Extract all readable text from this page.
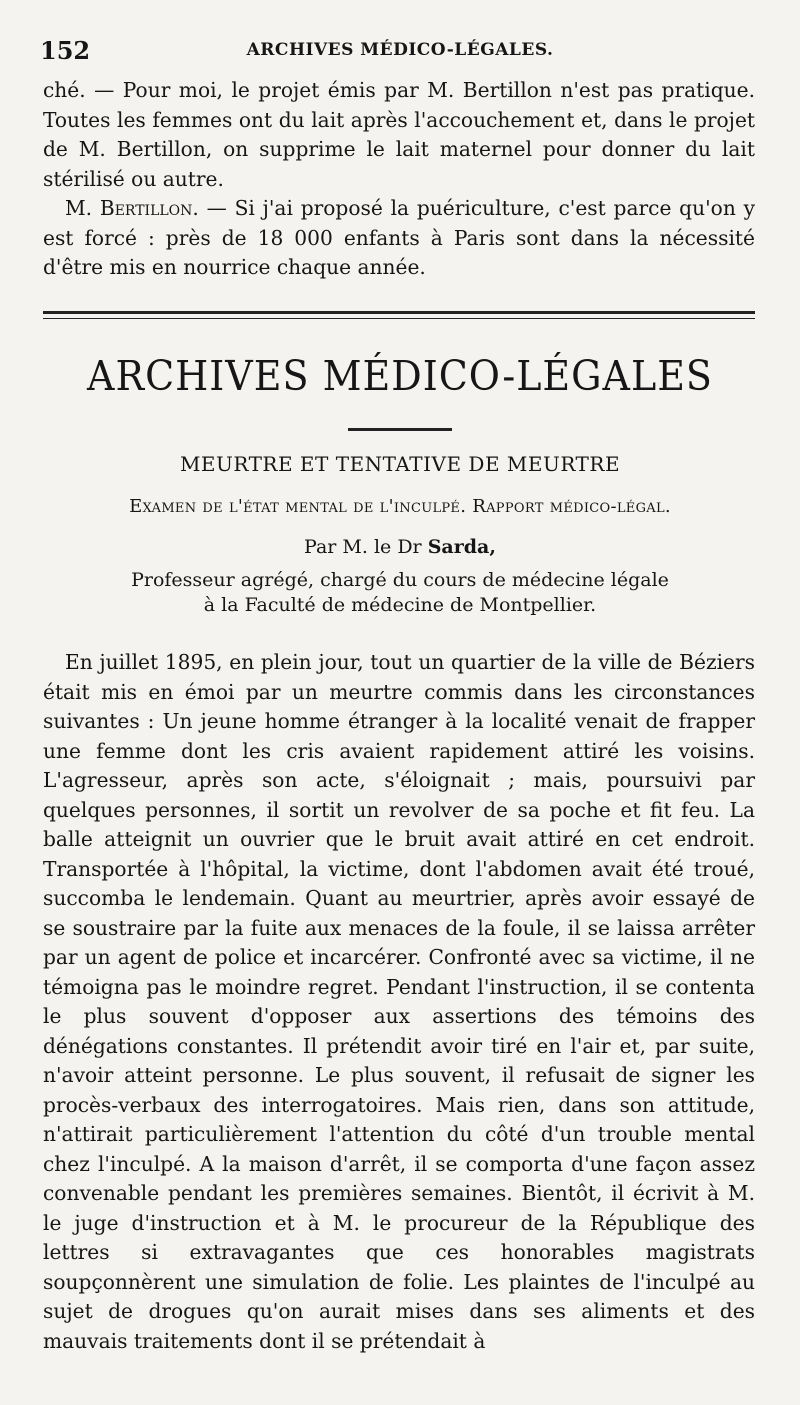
152	ARCHIVES MÉDICO-LÉGALES.

ché. — Pour moi, le projet émis par M. Bertillon n'est pas pratique. Toutes les femmes ont du lait après l'accouchement et, dans le projet de M. Bertillon, on supprime le lait maternel pour donner du lait stérilisé ou autre.

M. Bertillon. — Si j'ai proposé la puériculture, c'est parce qu'on y est forcé : près de 18 000 enfants à Paris sont dans la nécessité d'être mis en nourrice chaque année.

ARCHIVES MÉDICO-LÉGALES
MEURTRE ET TENTATIVE DE MEURTRE
Examen de l'état mental de l'inculpé. Rapport médico-légal.
Par M. le Dr Sarda,
Professeur agrégé, chargé du cours de médecine légale
à la Faculté de médecine de Montpellier.

En juillet 1895, en plein jour, tout un quartier de la ville de Béziers était mis en émoi par un meurtre commis dans les circonstances suivantes : Un jeune homme étranger à la localité venait de frapper une femme dont les cris avaient rapidement attiré les voisins. L'agresseur, après son acte, s'éloignait ; mais, poursuivi par quelques personnes, il sortit un revolver de sa poche et fit feu. La balle atteignit un ouvrier que le bruit avait attiré en cet endroit. Transportée à l'hôpital, la victime, dont l'abdomen avait été troué, succomba le lendemain. Quant au meurtrier, après avoir essayé de se soustraire par la fuite aux menaces de la foule, il se laissa arrêter par un agent de police et incarcérer. Confronté avec sa victime, il ne témoigna pas le moindre regret. Pendant l'instruction, il se contenta le plus souvent d'opposer aux assertions des témoins des dénégations constantes. Il prétendit avoir tiré en l'air et, par suite, n'avoir atteint personne. Le plus souvent, il refusait de signer les procès-verbaux des interrogatoires. Mais rien, dans son attitude, n'attirait particulièrement l'attention du côté d'un trouble mental chez l'inculpé. A la maison d'arrêt, il se comporta d'une façon assez convenable pendant les premières semaines. Bientôt, il écrivit à M. le juge d'instruction et à M. le procureur de la République des lettres si extravagantes que ces honorables magistrats soupçonnèrent une simulation de folie. Les plaintes de l'inculpé au sujet de drogues qu'on aurait mises dans ses aliments et des mauvais traitements dont il se prétendait à
